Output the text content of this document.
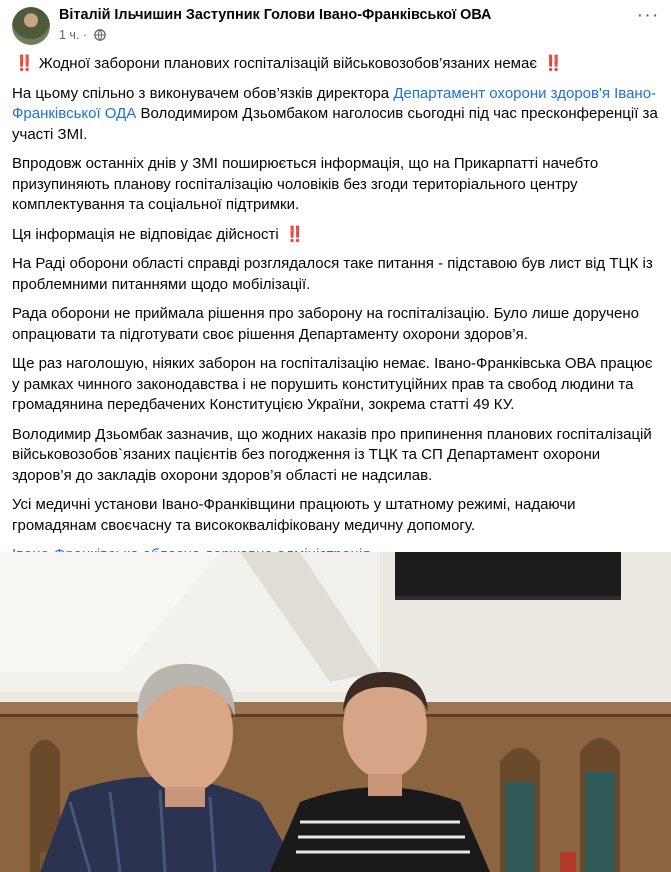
Віталій Ільчишин Заступник Голови Івано-Франківської ОВА
1 ч. ·
···

‼️ Жодної заборони планових госпіталізацій військовозобов’язаних немає ‼️

На цьому спільно з виконувачем обов’язків директора Департамент охорони здоров'я Івано-Франківської ОДА Володимиром Дзьомбаком наголосив сьогодні під час пресконференції за участі ЗМІ.

Впродовж останніх днів у ЗМІ поширюється інформація, що на Прикарпатті начебто призупиняють планову госпіталізацію чоловіків без згоди територіального центру комплектування та соціальної підтримки.

Ця інформація не відповідає дійсності ‼️

На Раді оборони області справді розглядалося таке питання - підставою був лист від ТЦК із проблемними питаннями щодо мобілізації.

Рада оборони не приймала рішення про заборону на госпіталізацію. Було лише доручено опрацювати та підготувати своє рішення Департаменту охорони здоров’я.

Ще раз наголошую, ніяких заборон на госпіталізацію немає. Івано-Франківська ОВА працює у рамках чинного законодавства і не порушить конституційних прав та свобод людини та громадянина передбачених Конституцією України, зокрема статті 49 КУ.

Володимир Дзьомбак зазначив, що жодних наказів про припинення планових госпіталізацій військовозобов`язаних пацієнтів без погодження із ТЦК та СП Департамент охорони здоров’я до закладів охорони здоров’я області не надсилав.

Усі медичні установи Івано-Франківщини працюють у штатному режимі, надаючи громадянам своєчасну та висококваліфіковану медичну допомогу.
